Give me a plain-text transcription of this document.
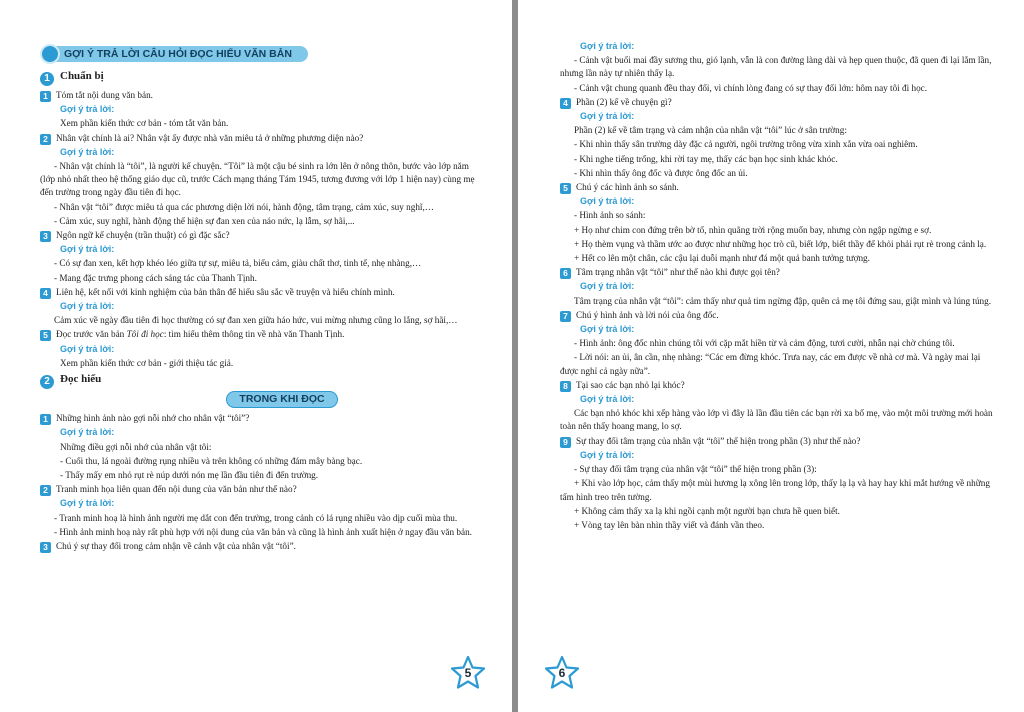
GỢI Ý TRẢ LỜI CÂU HỎI ĐỌC HIỂU VĂN BẢN
1 Chuẩn bị

1 Tóm tắt nội dung văn bản.

Gợi ý trả lời:

Xem phần kiến thức cơ bản - tóm tắt văn bản.

2 Nhân vật chính là ai? Nhân vật ấy được nhà văn miêu tả ở những phương diện nào?

Gợi ý trả lời:

- Nhân vật chính là “tôi”, là người kể chuyện. “Tôi” là một cậu bé sinh ra lớn lên ở nông thôn, bước vào lớp năm (lớp nhỏ nhất theo hệ thống giáo dục cũ, trước Cách mạng tháng Tám 1945, tương đương với lớp 1 hiện nay) cùng mẹ đến trường trong ngày đầu tiên đi học.

- Nhân vật “tôi” được miêu tả qua các phương diện lời nói, hành động, tâm trạng, cảm xúc, suy nghĩ,…

- Cảm xúc, suy nghĩ, hành động thể hiện sự đan xen của náo nức, lạ lẫm, sợ hãi,...

3 Ngôn ngữ kể chuyện (trần thuật) có gì đặc sắc?

Gợi ý trả lời:

- Có sự đan xen, kết hợp khéo léo giữa tự sự, miêu tả, biểu cảm, giàu chất thơ, tinh tế, nhẹ nhàng,…

- Mang đặc trưng phong cách sáng tác của Thanh Tịnh.

4 Liên hệ, kết nối với kinh nghiệm của bản thân để hiểu sâu sắc về truyện và hiểu chính mình.

Gợi ý trả lời:

Cảm xúc về ngày đầu tiên đi học thường có sự đan xen giữa háo hức, vui mừng nhưng cũng lo lắng, sợ hãi,…

5 Đọc trước văn bản Tôi đi học: tìm hiểu thêm thông tin về nhà văn Thanh Tịnh.

Gợi ý trả lời:

Xem phần kiến thức cơ bản - giới thiệu tác giả.

2 Đọc hiểu
TRONG KHI ĐỌC

1 Những hình ảnh nào gợi nỗi nhớ cho nhân vật “tôi”?

Gợi ý trả lời:

Những điều gợi nỗi nhớ của nhân vật tôi:

- Cuối thu, lá ngoài đường rụng nhiều và trên không có những đám mây bàng bạc.

- Thấy mấy em nhỏ rụt rè núp dưới nón mẹ lần đầu tiên đi đến trường.

2 Tranh minh họa liên quan đến nội dung của văn bản như thế nào?

Gợi ý trả lời:

- Tranh minh hoạ là hình ảnh người mẹ dắt con đến trường, trong cảnh có lá rụng nhiều vào dịp cuối mùa thu.

- Hình ảnh minh hoạ này rất phù hợp với nội dung của văn bản và cũng là hình ảnh xuất hiện ở ngay đầu văn bản.

3 Chú ý sự thay đổi trong cảm nhận về cảnh vật của nhân vật “tôi”.

5

Gợi ý trả lời:

- Cảnh vật buổi mai đầy sương thu, gió lạnh, vẫn là con đường làng dài và hẹp quen thuộc, đã quen đi lại lắm lần, nhưng lần này tự nhiên thấy lạ.

- Cảnh vật chung quanh đều thay đổi, vì chính lòng đang có sự thay đổi lớn: hôm nay tôi đi học.

4 Phần (2) kể về chuyện gì?

Gợi ý trả lời:

Phần (2) kể về tâm trạng và cảm nhận của nhân vật “tôi” lúc ở sân trường:

- Khi nhìn thấy sân trường dày đặc cả người, ngôi trường trông vừa xinh xắn vừa oai nghiêm.

- Khi nghe tiếng trống, khi rời tay mẹ, thấy các bạn học sinh khác khóc.

- Khi nhìn thấy ông đốc và được ông đốc an ủi.

5 Chú ý các hình ảnh so sánh.

Gợi ý trả lời:

- Hình ảnh so sánh:

+ Họ như chim con đứng trên bờ tổ, nhìn quãng trời rộng muốn bay, nhưng còn ngập ngừng e sợ.

+ Họ thèm vụng và thầm ước ao được như những học trò cũ, biết lớp, biết thầy để khỏi phải rụt rè trong cảnh lạ.

+ Hết co lên một chân, các cậu lại duỗi mạnh như đá một quả banh tưởng tượng.

6 Tâm trạng nhân vật “tôi” như thế nào khi được gọi tên?

Gợi ý trả lời:

Tâm trạng của nhân vật “tôi”: cảm thấy như quả tim ngừng đập, quên cả mẹ tôi đứng sau, giật mình và lúng túng.

7 Chú ý hình ảnh và lời nói của ông đốc.

Gợi ý trả lời:

- Hình ảnh: ông đốc nhìn chúng tôi với cặp mắt hiền từ và cảm động, tươi cười, nhẫn nại chờ chúng tôi.

- Lời nói: an ủi, ân cần, nhẹ nhàng: “Các em đừng khóc. Trưa nay, các em được về nhà cơ mà. Và ngày mai lại được nghỉ cả ngày nữa”.

8 Tại sao các bạn nhỏ lại khóc?

Gợi ý trả lời:

Các bạn nhỏ khóc khi xếp hàng vào lớp vì đây là lần đầu tiên các bạn rời xa bố mẹ, vào một môi trường mới hoàn toàn nên thấy hoang mang, lo sợ.

9 Sự thay đổi tâm trạng của nhân vật “tôi” thể hiện trong phần (3) như thế nào?

Gợi ý trả lời:

- Sự thay đổi tâm trạng của nhân vật “tôi” thể hiện trong phần (3):

+ Khi vào lớp học, cảm thấy một mùi hương lạ xông lên trong lớp, thấy lạ lạ và hay hay khi mắt hướng về những tấm hình treo trên tường.

+ Không cảm thấy xa lạ khi ngồi cạnh một người bạn chưa hề quen biết.

+ Vòng tay lên bàn nhìn thầy viết và đánh vần theo.

6
